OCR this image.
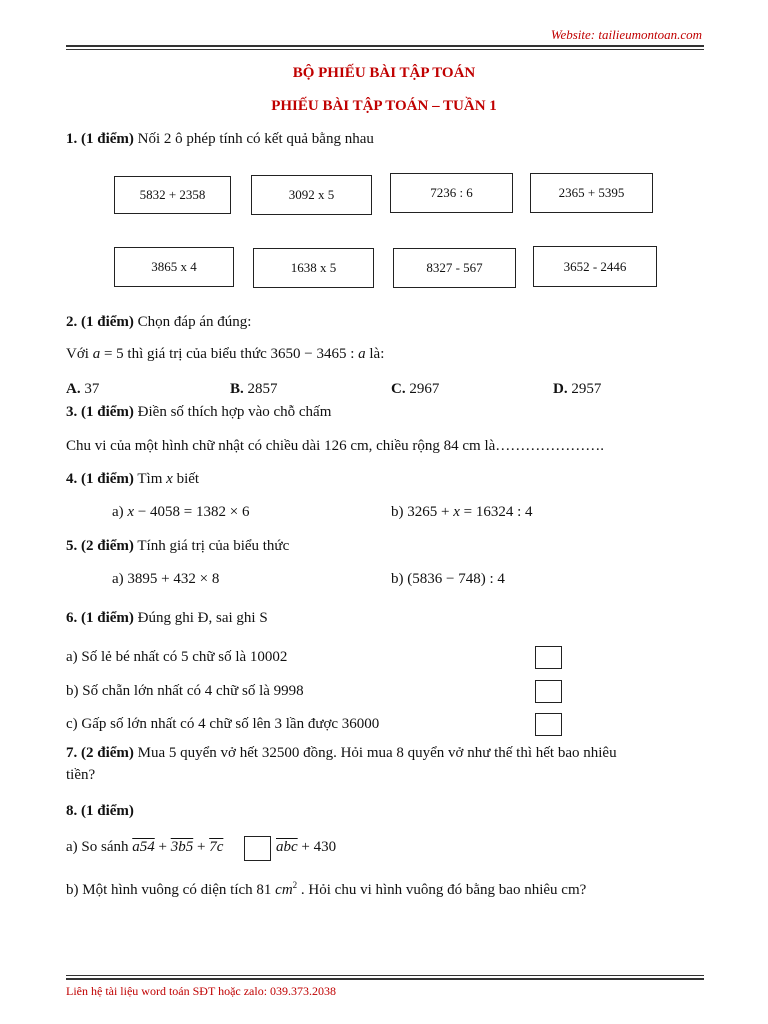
Website: tailieumontoan.com
BỘ PHIẾU BÀI TẬP TOÁN
PHIẾU BÀI TẬP TOÁN – TUẦN 1
1. (1 điểm) Nối 2 ô phép tính có kết quả bằng nhau
5832 + 2358	3092 x 5	7236 : 6	2365 + 5395
3865 x 4	1638 x 5	8327 - 567	3652 - 2446
2. (1 điểm) Chọn đáp án đúng:
Với a = 5 thì giá trị của biểu thức 3650 − 3465 : a là:
A. 37	B. 2857	C. 2967	D. 2957
3. (1 điểm) Điền số thích hợp vào chỗ chấm
Chu vi của một hình chữ nhật có chiều dài 126 cm, chiều rộng 84 cm là………………….
4. (1 điểm) Tìm x biết
a) x − 4058 = 1382 × 6	b) 3265 + x = 16324 : 4
5. (2 điểm) Tính giá trị của biểu thức
a) 3895 + 432 × 8	b) (5836 − 748) : 4
6. (1 điểm) Đúng ghi Đ, sai ghi S
a) Số lẻ bé nhất có 5 chữ số là 10002
b) Số chẵn lớn nhất có 4 chữ số là 9998
c) Gấp số lớn nhất có 4 chữ số lên 3 lần được 36000
7. (2 điểm) Mua 5 quyển vở hết 32500 đồng. Hỏi mua 8 quyển vở như thế thì hết bao nhiêu
tiền?
8. (1 điểm)
a) So sánh a54 + 3b5 + 7c	$\overline{abc} + 430$
b) Một hình vuông có diện tích 81 $cm^2$ . Hỏi chu vi hình vuông đó bằng bao nhiêu cm?
Liên hệ tài liệu word toán SĐT hoặc zalo: 039.373.2038
